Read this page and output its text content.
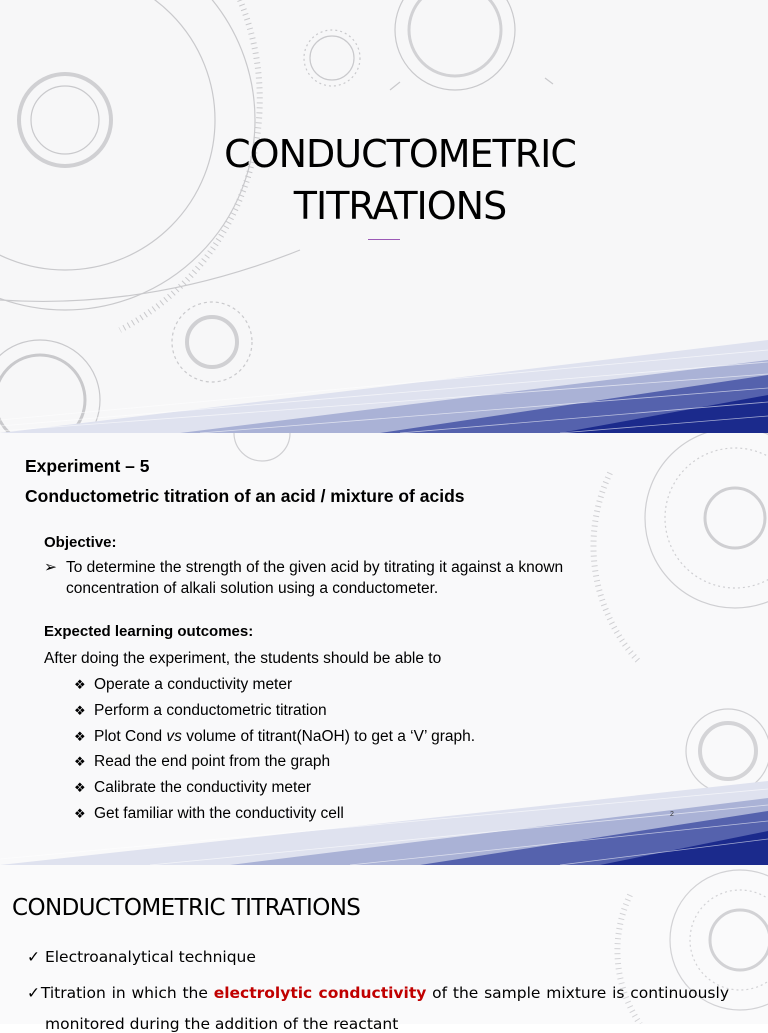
CONDUCTOMETRIC
TITRATIONS
Experiment – 5
Conductometric titration of an acid / mixture of acids
Objective:
➢ To determine the strength of the given acid by titrating it against a known concentration of alkali solution using a conductometer.
Expected learning outcomes:
After doing the experiment, the students should be able to
❖ Operate a conductivity meter
❖ Perform a conductometric titration
❖ Plot Cond vs volume of titrant(NaOH) to get a ‘V’ graph.
❖ Read the end point from the graph
❖ Calibrate the conductivity meter
❖ Get familiar with the conductivity cell	2
CONDUCTOMETRIC TITRATIONS
✓ Electroanalytical technique
✓Titration in which the electrolytic conductivity of the sample mixture is continuously
monitored during the addition of the reactant
